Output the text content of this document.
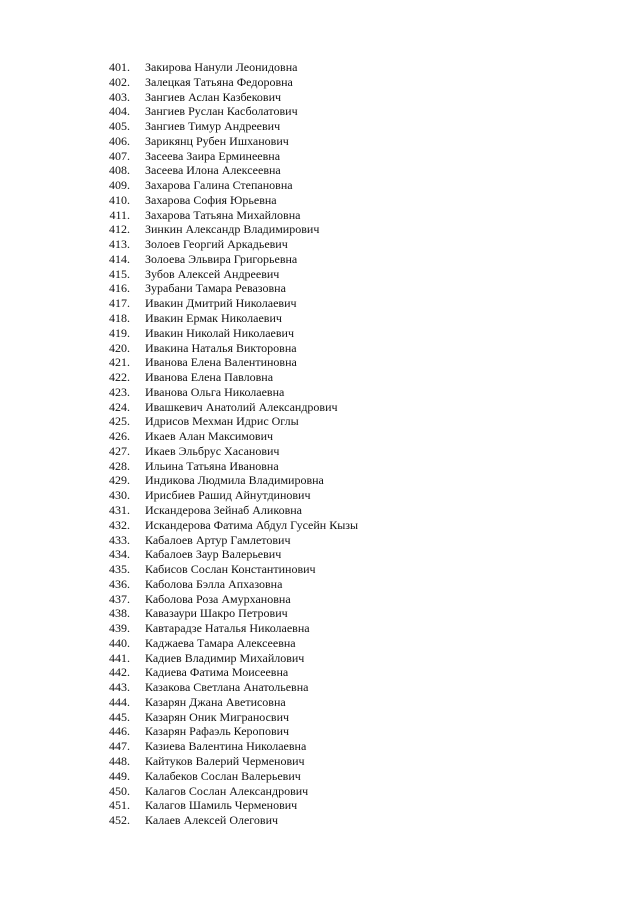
401. Закирова Нанули Леонидовна
402. Залецкая Татьяна Федоровна
403. Зангиев Аслан Казбекович
404. Зангиев Руслан Касболатович
405. Зангиев Тимур Андреевич
406. Зарикянц Рубен Ишханович
407. Засеева Заира Ерминеевна
408. Засеева Илона Алексеевна
409. Захарова Галина Степановна
410. Захарова София Юрьевна
411. Захарова Татьяна Михайловна
412. Зинкин Александр Владимирович
413. Золоев Георгий Аркадьевич
414. Золоева Эльвира Григорьевна
415. Зубов Алексей Андреевич
416. Зурабани Тамара Ревазовна
417. Ивакин Дмитрий Николаевич
418. Ивакин Ермак Николаевич
419. Ивакин Николай Николаевич
420. Ивакина Наталья Викторовна
421. Иванова Елена Валентиновна
422. Иванова Елена Павловна
423. Иванова Ольга Николаевна
424. Ивашкевич Анатолий Александрович
425. Идрисов Мехман Идрис Оглы
426. Икаев Алан Максимович
427. Икаев Эльбрус Хасанович
428. Ильина Татьяна Ивановна
429. Индикова Людмила Владимировна
430. Ирисбиев Рашид Айнутдинович
431. Искандерова Зейнаб Аликовна
432. Искандерова Фатима Абдул Гусейн Кызы
433. Кабалоев Артур Гамлетович
434. Кабалоев Заур Валерьевич
435. Кабисов Сослан Константинович
436. Каболова Бэлла Апхазовна
437. Каболова Роза Амурхановна
438. Кавазаури Шакро Петрович
439. Кавтарадзе Наталья Николаевна
440. Каджаева Тамара Алексеевна
441. Кадиев Владимир Михайлович
442. Кадиева Фатима Моисеевна
443. Казакова Светлана Анатольевна
444. Казарян Джана Аветисовна
445. Казарян Оник Миграносвич
446. Казарян Рафаэль Керопович
447. Казиева Валентина Николаевна
448. Кайтуков Валерий Черменович
449. Калабеков Сослан Валерьевич
450. Калагов Сослан Александрович
451. Калагов Шамиль Черменович
452. Калаев Алексей Олегович
